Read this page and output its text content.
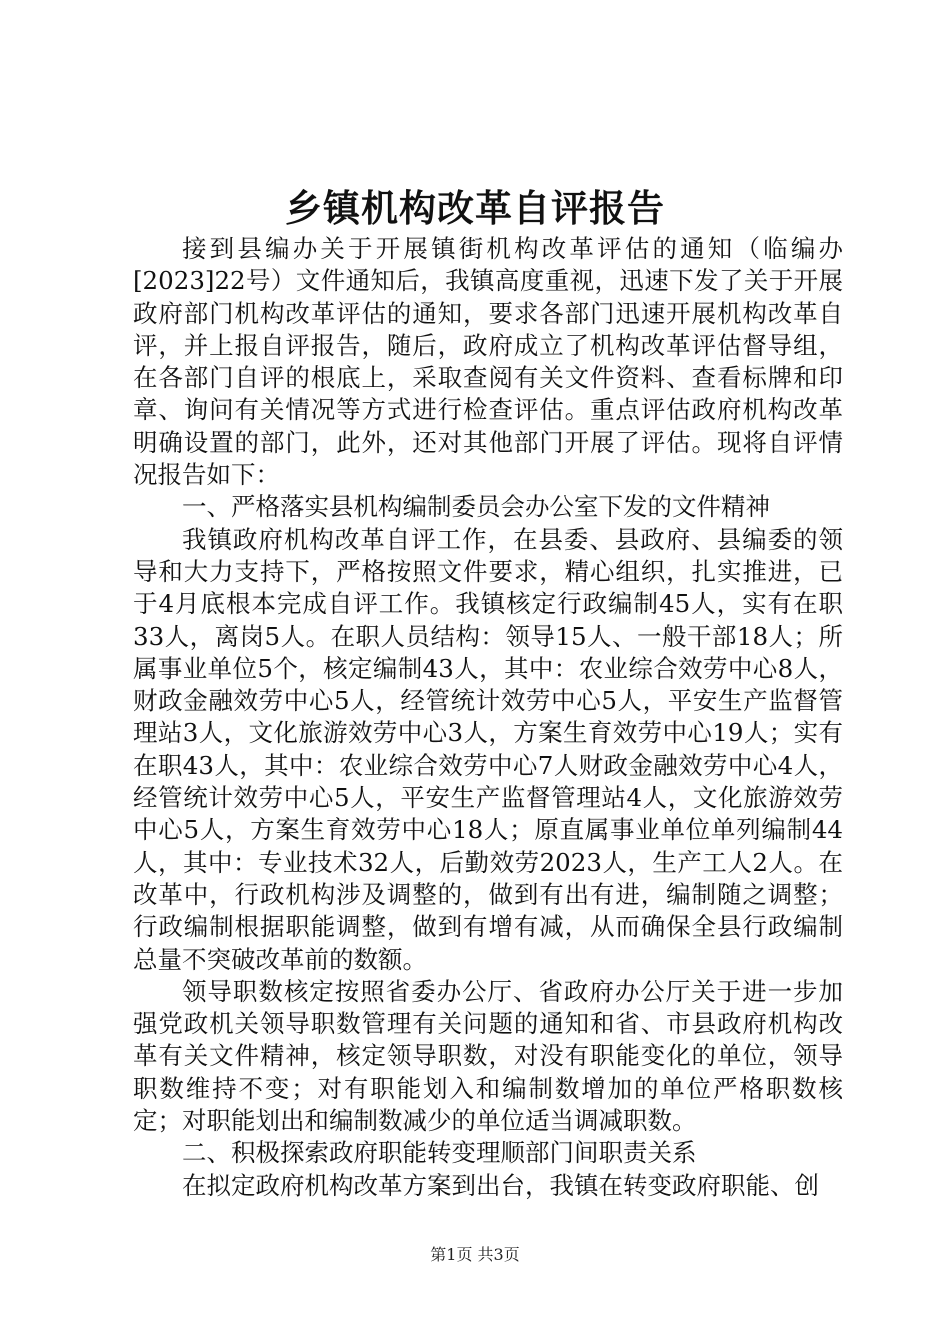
乡镇机构改革自评报告

接到县编办关于开展镇街机构改革评估的通知（临编办[2023]22号）文件通知后，我镇高度重视，迅速下发了关于开展政府部门机构改革评估的通知，要求各部门迅速开展机构改革自评，并上报自评报告，随后，政府成立了机构改革评估督导组，在各部门自评的根底上，采取查阅有关文件资料、查看标牌和印章、询问有关情况等方式进行检查评估。重点评估政府机构改革明确设置的部门，此外，还对其他部门开展了评估。现将自评情况报告如下：

一、严格落实县机构编制委员会办公室下发的文件精神

我镇政府机构改革自评工作，在县委、县政府、县编委的领导和大力支持下，严格按照文件要求，精心组织，扎实推进，已于4月底根本完成自评工作。我镇核定行政编制45人，实有在职33人，离岗5人。在职人员结构：领导15人、一般干部18人；所属事业单位5个，核定编制43人，其中：农业综合效劳中心8人，财政金融效劳中心5人，经管统计效劳中心5人，平安生产监督管理站3人，文化旅游效劳中心3人，方案生育效劳中心19人；实有在职43人，其中：农业综合效劳中心7人财政金融效劳中心4人，经管统计效劳中心5人，平安生产监督管理站4人，文化旅游效劳中心5人，方案生育效劳中心18人；原直属事业单位单列编制44人，其中：专业技术32人，后勤效劳2023人，生产工人2人。在改革中，行政机构涉及调整的，做到有出有进，编制随之调整；行政编制根据职能调整，做到有增有减，从而确保全县行政编制总量不突破改革前的数额。

领导职数核定按照省委办公厅、省政府办公厅关于进一步加强党政机关领导职数管理有关问题的通知和省、市县政府机构改革有关文件精神，核定领导职数，对没有职能变化的单位，领导职数维持不变；对有职能划入和编制数增加的单位严格职数核定；对职能划出和编制数减少的单位适当调减职数。

二、积极探索政府职能转变理顺部门间职责关系

在拟定政府机构改革方案到出台，我镇在转变政府职能、创

第1页 共3页
